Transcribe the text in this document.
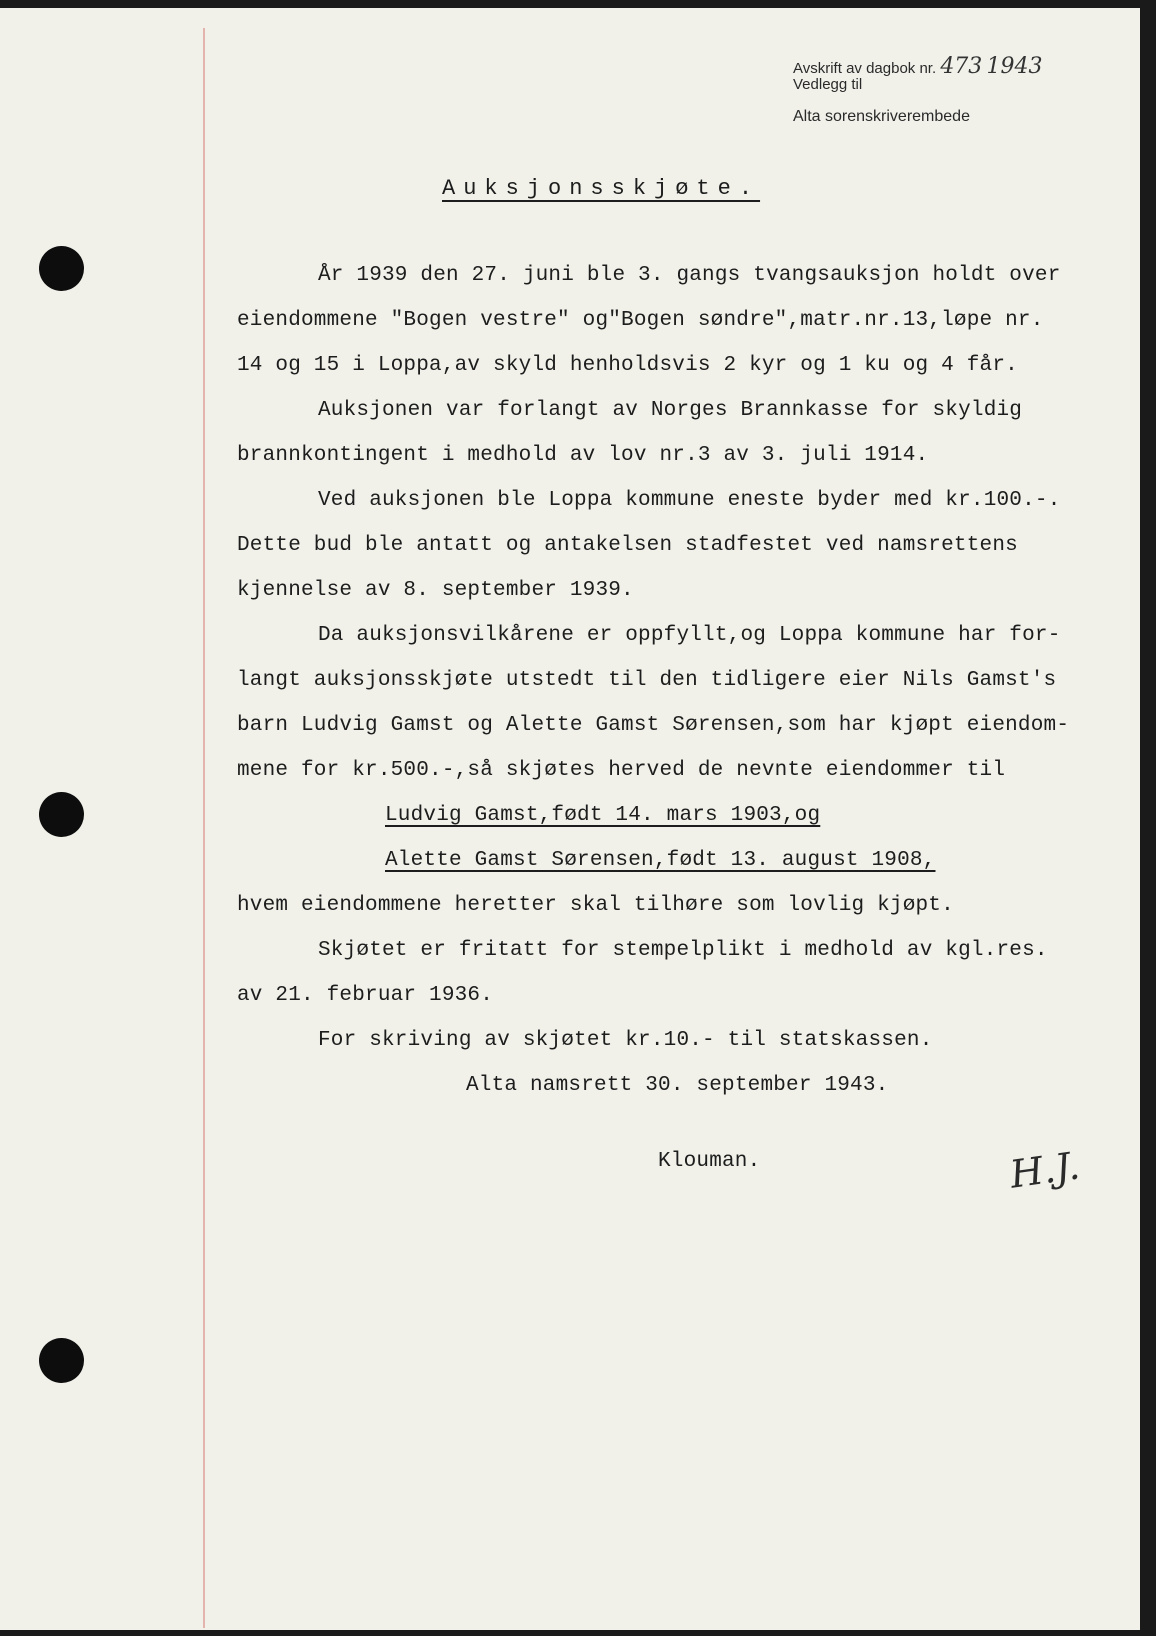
Avskrift av dagbok nr. 473 1943
Vedlegg til
Alta sorenskriverembede
Auksjonsskjøte.
År 1939 den 27. juni ble 3. gangs tvangsauksjon holdt over
eiendommene "Bogen vestre" og"Bogen søndre",matr.nr.13,løpe nr.
14 og 15 i Loppa,av skyld henholdsvis 2 kyr og 1 ku og 4 får.
Auksjonen var forlangt av Norges Brannkasse for skyldig
brannkontingent i medhold av lov nr.3 av 3. juli 1914.
Ved auksjonen ble Loppa kommune eneste byder med kr.100.-.
Dette bud ble antatt og antakelsen stadfestet ved namsrettens
kjennelse av 8. september 1939.
Da auksjonsvilkårene er oppfyllt,og Loppa kommune har for-
langt auksjonsskjøte utstedt til den tidligere eier Nils Gamst's
barn Ludvig Gamst og Alette Gamst Sørensen,som har kjøpt eiendom-
mene for kr.500.-,så skjøtes herved de nevnte eiendommer til
Ludvig Gamst,født 14. mars 1903,og
Alette Gamst Sørensen,født 13. august 1908,
hvem eiendommene heretter skal tilhøre som lovlig kjøpt.
Skjøtet er fritatt for stempelplikt i medhold av kgl.res.
av 21. februar 1936.
For skriving av skjøtet kr.10.- til statskassen.
Alta namsrett 30. september 1943.
Klouman.	H.J.
